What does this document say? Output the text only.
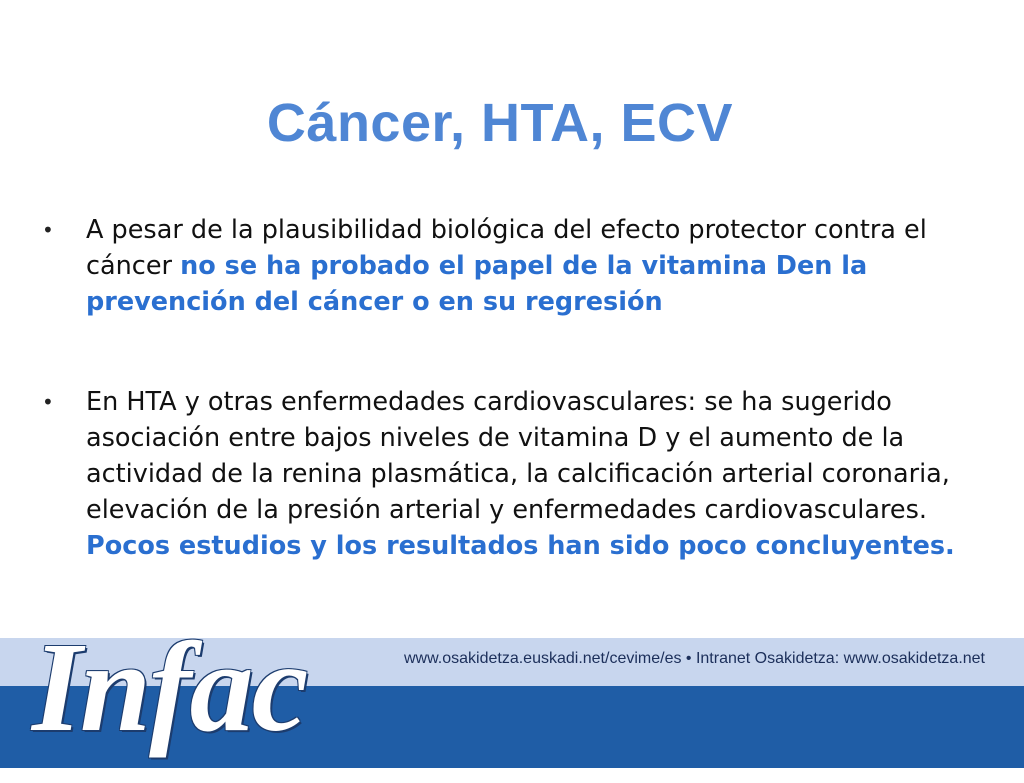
Cáncer, HTA, ECV
•	A pesar de la plausibilidad biológica del efecto protector contra el cáncer no se ha probado el papel de la vitamina Den la prevención del cáncer o en su regresión
•	En HTA y otras enfermedades cardiovasculares: se ha sugerido asociación entre bajos niveles de vitamina D y el aumento de la actividad de la renina plasmática, la calcificación arterial coronaria, elevación de la presión arterial y enfermedades cardiovasculares. Pocos estudios y los resultados han sido poco concluyentes.
www.osakidetza.euskadi.net/cevime/es • Intranet Osakidetza: www.osakidetza.net
Eskualdeko Farmakoterapi Informazioa · Información Farmacoterapéutica de la Comarca
Infac
